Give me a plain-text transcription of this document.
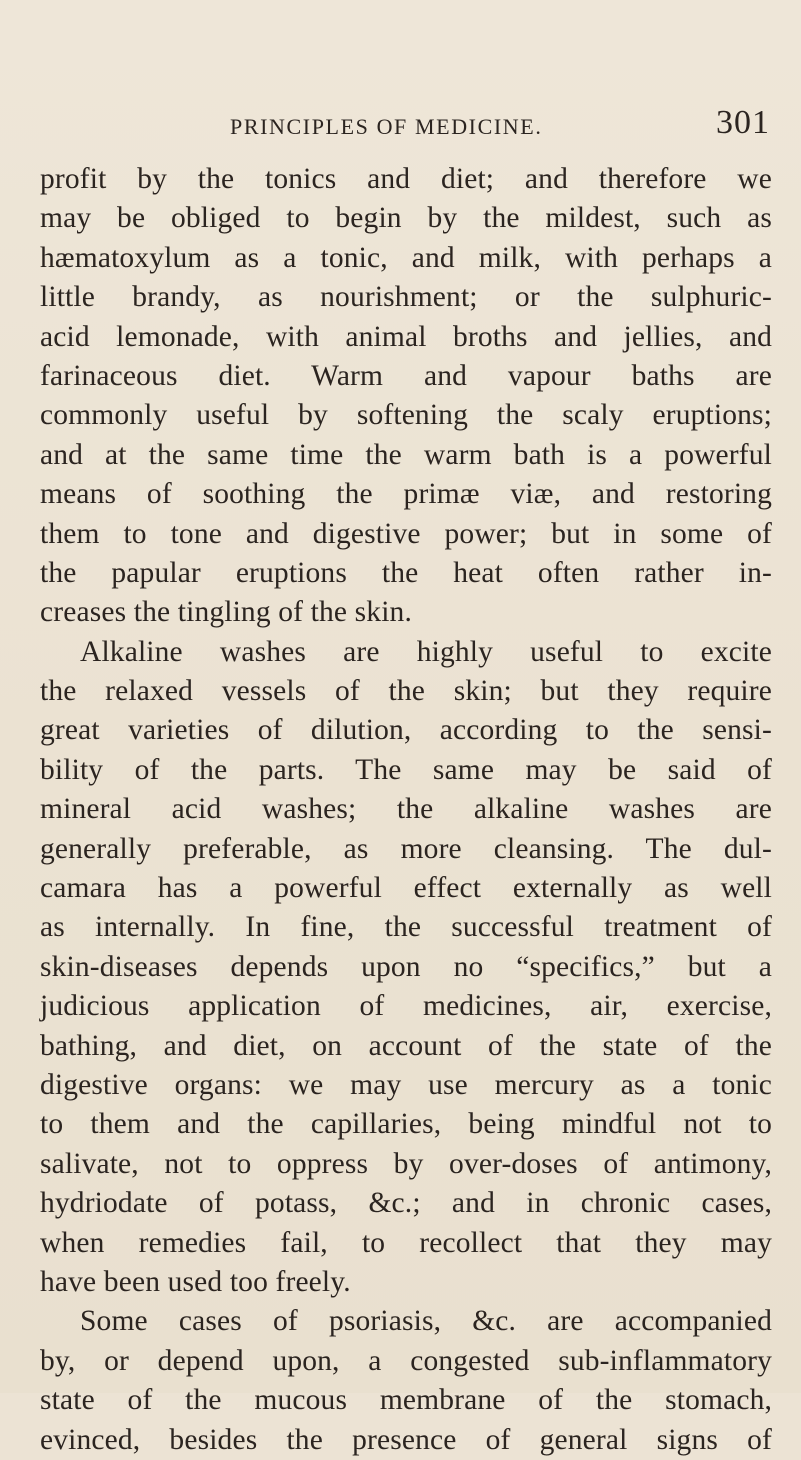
PRINCIPLES OF MEDICINE.	301
profit by the tonics and diet; and therefore we
may be obliged to begin by the mildest, such as
hæmatoxylum as a tonic, and milk, with perhaps a
little brandy, as nourishment; or the sulphuric-
acid lemonade, with animal broths and jellies, and
farinaceous diet. Warm and vapour baths are
commonly useful by softening the scaly eruptions;
and at the same time the warm bath is a powerful
means of soothing the primæ viæ, and restoring
them to tone and digestive power; but in some of
the papular eruptions the heat often rather in-
creases the tingling of the skin.
Alkaline washes are highly useful to excite
the relaxed vessels of the skin; but they require
great varieties of dilution, according to the sensi-
bility of the parts. The same may be said of
mineral acid washes; the alkaline washes are
generally preferable, as more cleansing. The dul-
camara has a powerful effect externally as well
as internally. In fine, the successful treatment of
skin-diseases depends upon no “specifics,” but a
judicious application of medicines, air, exercise,
bathing, and diet, on account of the state of the
digestive organs: we may use mercury as a tonic
to them and the capillaries, being mindful not to
salivate, not to oppress by over-doses of antimony,
hydriodate of potass, &c.; and in chronic cases,
when remedies fail, to recollect that they may
have been used too freely.
Some cases of psoriasis, &c. are accompanied
by, or depend upon, a congested sub-inflammatory
state of the mucous membrane of the stomach,
evinced, besides the presence of general signs of
